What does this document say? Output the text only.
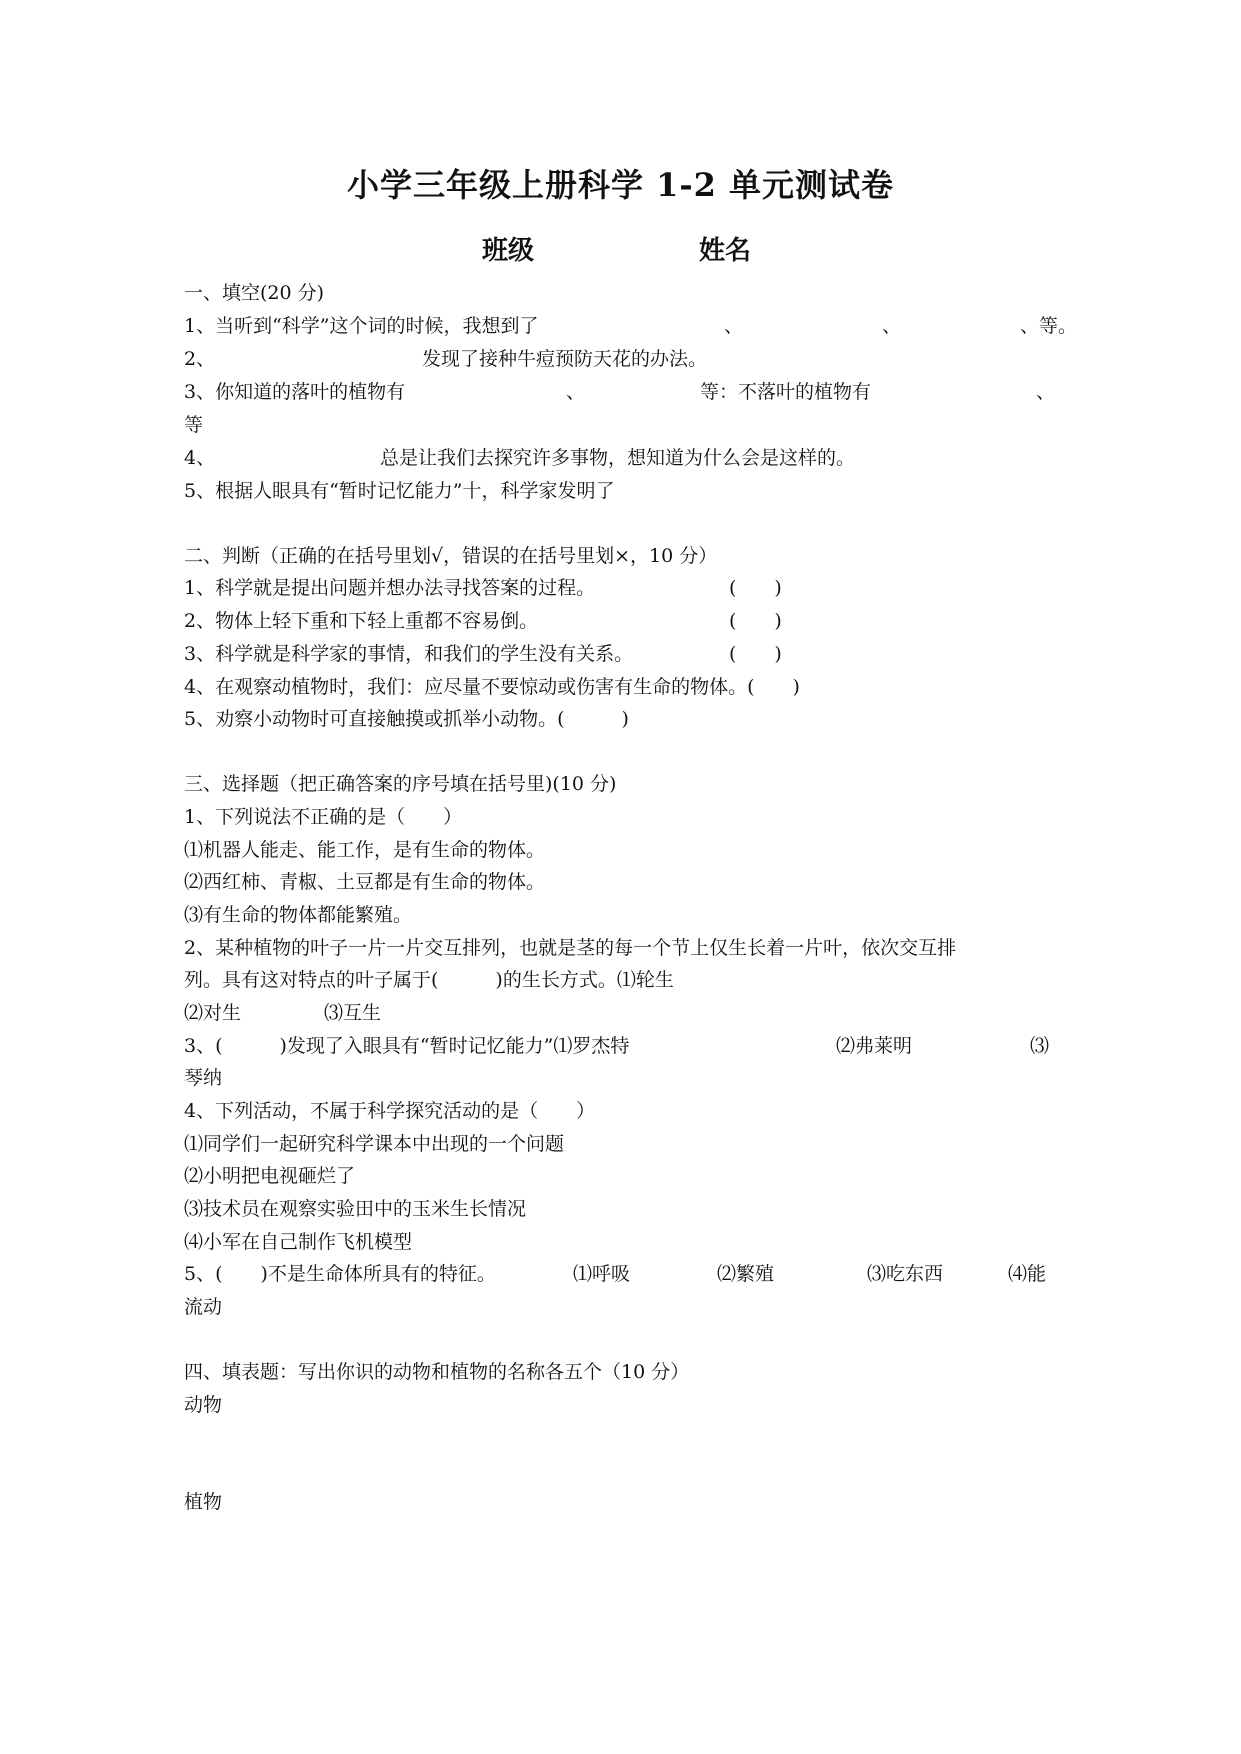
小学三年级上册科学 1-2 单元测试卷
班级	姓名
一、填空(20 分)
1、当听到“科学”这个词的时候，我想到了	、	、	、等。
2、	发现了接种牛痘预防天花的办法。
3、你知道的落叶的植物有	、	等：不落叶的植物有	、
等
4、	总是让我们去探究许多事物，想知道为什么会是这样的。
5、根据人眼具有“暂时记忆能力”十，科学家发明了
二、判断（正确的在括号里划√，错误的在括号里划×，10 分）
1、科学就是提出问题并想办法寻找答案的过程。	(　　)
2、物体上轻下重和下轻上重都不容易倒。	(　　)
3、科学就是科学家的事情，和我们的学生没有关系。	(　　)
4、在观察动植物时，我们：应尽量不要惊动或伤害有生命的物体。(　　)
5、劝察小动物时可直接触摸或抓举小动物。(　　　)
三、选择题（把正确答案的序号填在括号里)(10 分)
1、下列说法不正确的是（　　）
⑴机器人能走、能工作，是有生命的物体。
⑵西红柿、青椒、土豆都是有生命的物体。
⑶有生命的物体都能繁殖。
2、某种植物的叶子一片一片交互排列，也就是茎的每一个节上仅生长着一片叶，依次交互排
列。具有这对特点的叶子属于(　　　)的生长方式。⑴轮生
⑵对生	⑶互生
3、(　　　)发现了入眼具有“暂时记忆能力”⑴罗杰特	⑵弗莱明	⑶
琴纳
4、下列活动，不属于科学探究活动的是（　　）
⑴同学们一起研究科学课本中出现的一个问题
⑵小明把电视砸烂了
⑶技术员在观察实验田中的玉米生长情况
⑷小军在自己制作飞机模型
5、(　　)不是生命体所具有的特征。	⑴呼吸	⑵繁殖	⑶吃东西	⑷能
流动
四、填表题：写出你识的动物和植物的名称各五个（10 分）
动物
植物
